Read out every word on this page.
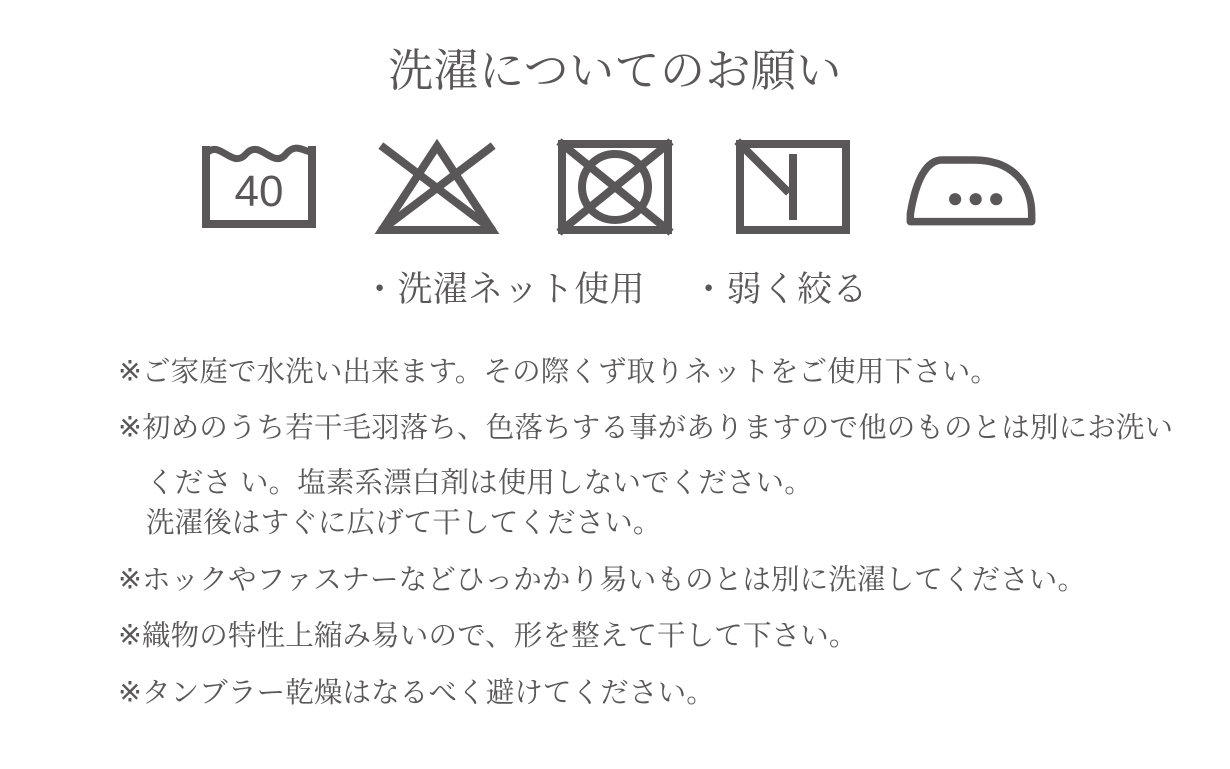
洗濯についてのお願い
40
・洗濯ネット使用 ・弱く絞る
※ご家庭で水洗い出来ます。その際くず取りネットをご使用下さい。
※初めのうち若干毛羽落ち、色落ちする事がありますので他のものとは別にお洗い
くださ い。塩素系漂白剤は使用しないでください。
洗濯後はすぐに広げて干してください。
※ホックやファスナーなどひっかかり易いものとは別に洗濯してください。
※織物の特性上縮み易いので、形を整えて干して下さい。
※タンブラー乾燥はなるべく避けてください。
